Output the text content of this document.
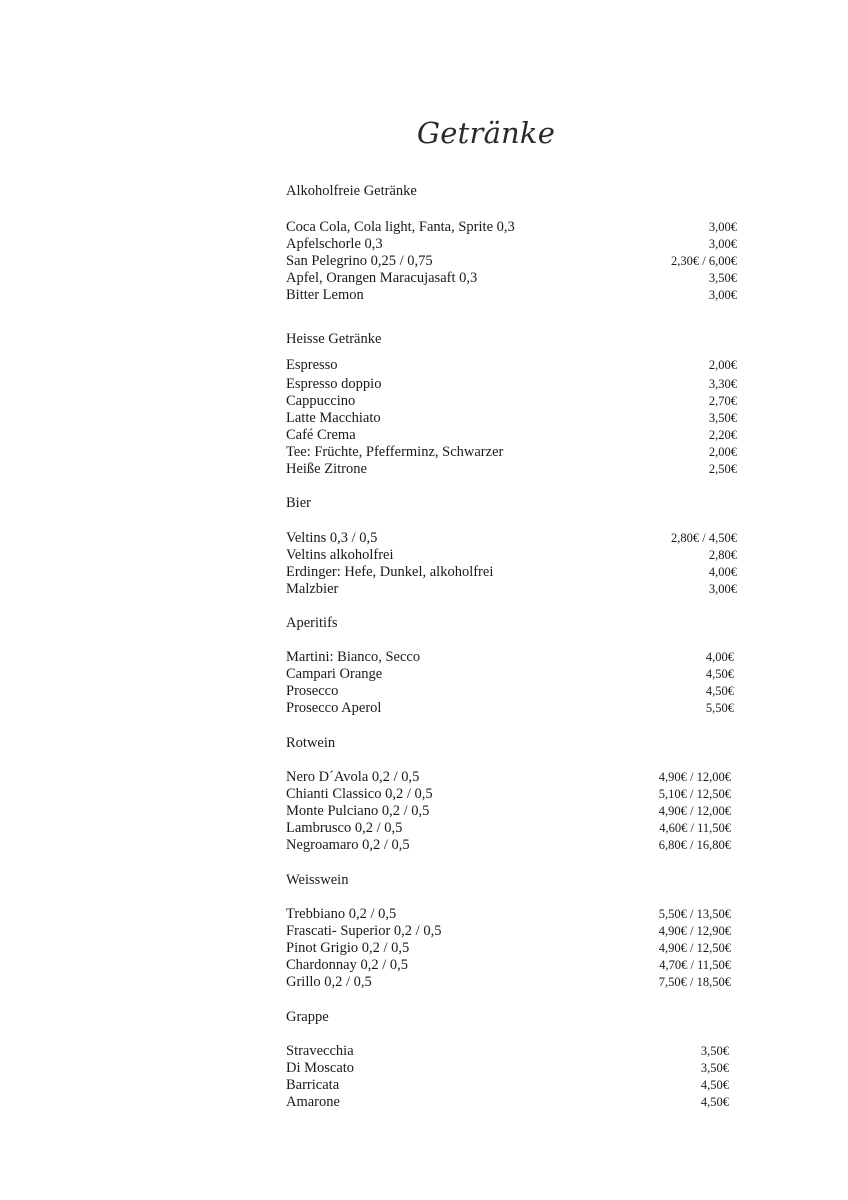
Getränke
Alkoholfreie Getränke
Coca Cola, Cola light, Fanta, Sprite 0,3	3,00€
Apfelschorle 0,3	3,00€
San Pelegrino 0,25 / 0,75	2,30€ / 6,00€
Apfel, Orangen Maracujasaft 0,3	3,50€
Bitter Lemon	3,00€
Heisse Getränke
Espresso	2,00€
Espresso doppio	3,30€
Cappuccino	2,70€
Latte Macchiato	3,50€
Café Crema	2,20€
Tee: Früchte, Pfefferminz, Schwarzer	2,00€
Heiße Zitrone	2,50€
Bier
Veltins 0,3 / 0,5	2,80€ / 4,50€
Veltins alkoholfrei	2,80€
Erdinger: Hefe, Dunkel, alkoholfrei	4,00€
Malzbier	3,00€
Aperitifs
Martini: Bianco, Secco	4,00€
Campari Orange	4,50€
Prosecco	4,50€
Prosecco Aperol	5,50€
Rotwein
Nero D´Avola 0,2 / 0,5	4,90€ / 12,00€
Chianti Classico 0,2 / 0,5	5,10€ / 12,50€
Monte Pulciano 0,2 / 0,5	4,90€ / 12,00€
Lambrusco 0,2 / 0,5	4,60€ / 11,50€
Negroamaro 0,2 / 0,5	6,80€ / 16,80€
Weisswein
Trebbiano 0,2 / 0,5	5,50€ / 13,50€
Frascati- Superior 0,2 / 0,5	4,90€ / 12,90€
Pinot Grigio 0,2 / 0,5	4,90€ / 12,50€
Chardonnay 0,2 / 0,5	4,70€ / 11,50€
Grillo 0,2 / 0,5	7,50€ / 18,50€
Grappe
Stravecchia	3,50€
Di Moscato	3,50€
Barricata	4,50€
Amarone	4,50€
